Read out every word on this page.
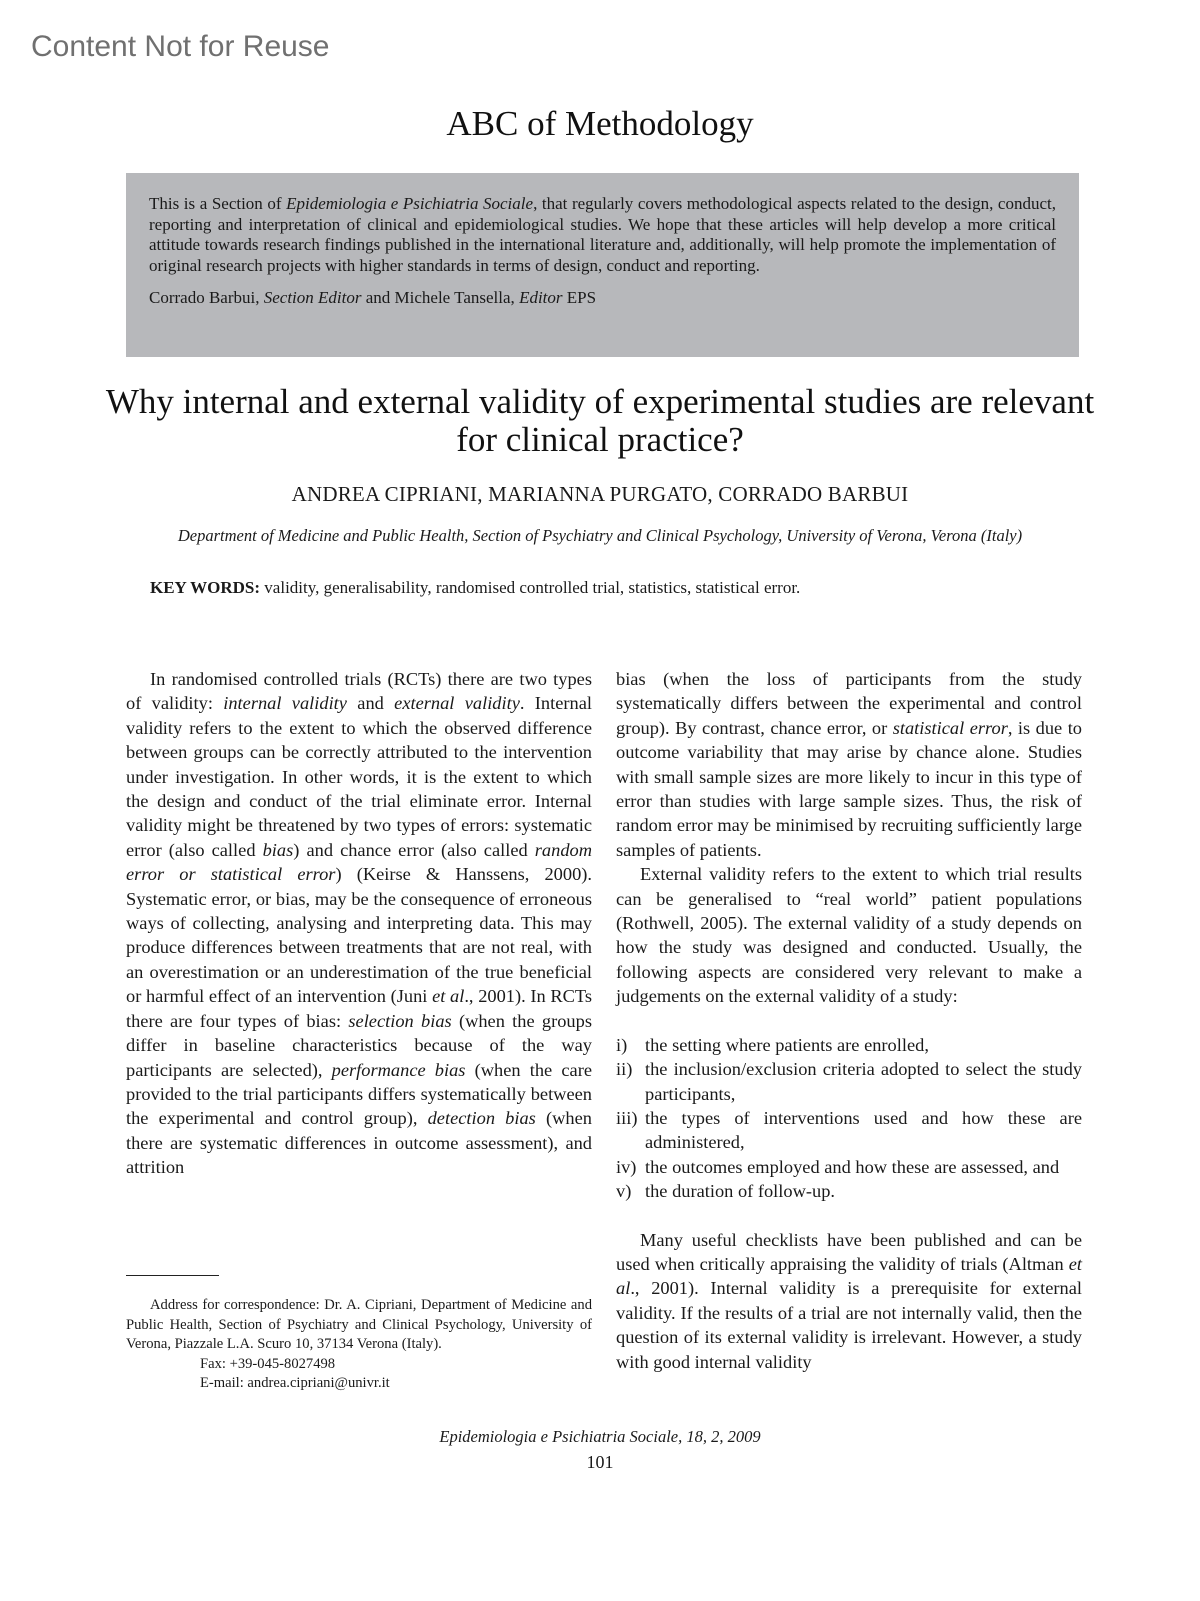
Content Not for Reuse
ABC of Methodology

This is a Section of Epidemiologia e Psichiatria Sociale, that regularly covers methodological aspects related to the design, conduct, reporting and interpretation of clinical and epidemiological studies. We hope that these articles will help develop a more critical attitude towards research findings published in the international literature and, additionally, will help promote the implementation of original research projects with higher standards in terms of design, conduct and reporting.

Corrado Barbui, Section Editor and Michele Tansella, Editor EPS

Why internal and external validity of experimental studies are relevant for clinical practice?
ANDREA CIPRIANI, MARIANNA PURGATO, CORRADO BARBUI
Department of Medicine and Public Health, Section of Psychiatry and Clinical Psychology, University of Verona, Verona (Italy)
KEY WORDS: validity, generalisability, randomised controlled trial, statistics, statistical error.

In randomised controlled trials (RCTs) there are two types of validity: internal validity and external validity. Internal validity refers to the extent to which the observed difference between groups can be correctly attributed to the intervention under investigation. In other words, it is the extent to which the design and conduct of the trial eliminate error. Internal validity might be threatened by two types of errors: systematic error (also called bias) and chance error (also called random error or statistical error) (Keirse & Hanssens, 2000). Systematic error, or bias, may be the consequence of erroneous ways of collecting, analysing and interpreting data. This may produce differences between treatments that are not real, with an overestimation or an underestimation of the true beneficial or harmful effect of an intervention (Juni et al., 2001). In RCTs there are four types of bias: selection bias (when the groups differ in baseline characteristics because of the way participants are selected), performance bias (when the care provided to the trial participants differs systematically between the experimental and control group), detection bias (when there are systematic differences in outcome assessment), and attrition

bias (when the loss of participants from the study systematically differs between the experimental and control group). By contrast, chance error, or statistical error, is due to outcome variability that may arise by chance alone. Studies with small sample sizes are more likely to incur in this type of error than studies with large sample sizes. Thus, the risk of random error may be minimised by recruiting sufficiently large samples of patients.

External validity refers to the extent to which trial results can be generalised to “real world” patient populations (Rothwell, 2005). The external validity of a study depends on how the study was designed and conducted. Usually, the following aspects are considered very relevant to make a judgements on the external validity of a study:

i) the setting where patients are enrolled,
ii) the inclusion/exclusion criteria adopted to select the study participants,
iii) the types of interventions used and how these are administered,
iv) the outcomes employed and how these are assessed, and
v) the duration of follow-up.

Many useful checklists have been published and can be used when critically appraising the validity of trials (Altman et al., 2001). Internal validity is a prerequisite for external validity. If the results of a trial are not internally valid, then the question of its external validity is irrelevant. However, a study with good internal validity

Address for correspondence: Dr. A. Cipriani, Department of Medicine and Public Health, Section of Psychiatry and Clinical Psychology, University of Verona, Piazzale L.A. Scuro 10, 37134 Verona (Italy).

Fax: +39-045-8027498

E-mail: andrea.cipriani@univr.it

Epidemiologia e Psichiatria Sociale, 18, 2, 2009
101
